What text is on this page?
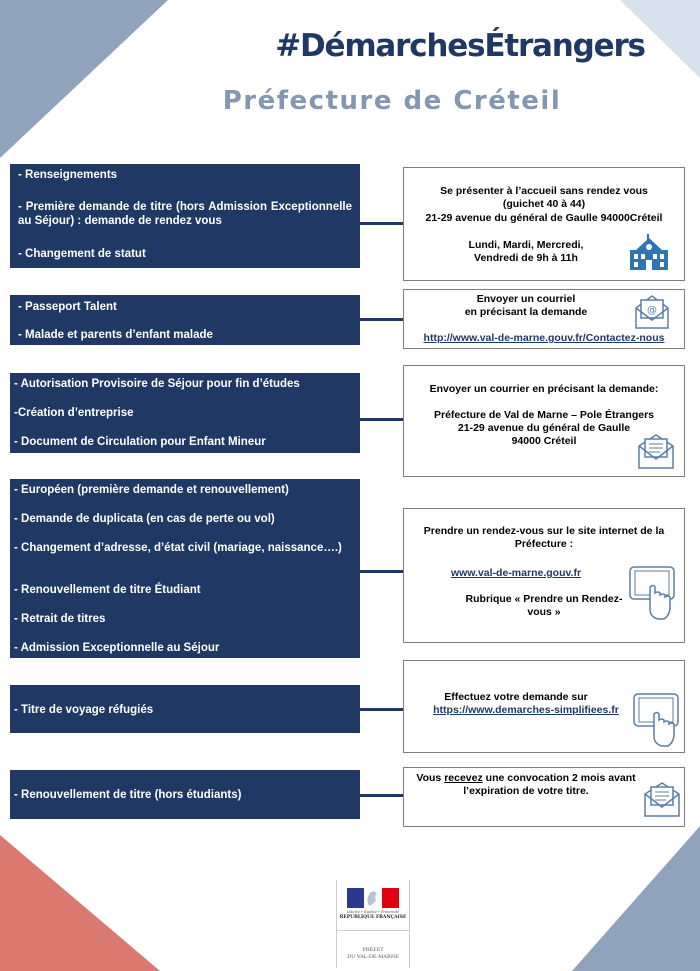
#DémarchesÉtrangers
Préfecture de Créteil
- Renseignements
- Première demande de titre (hors Admission Exceptionnelle au Séjour) : demande de rendez vous
- Changement de statut
Se présenter à l’accueil sans rendez vous
(guichet 40 à 44)
21-29 avenue du général de Gaulle 94000Créteil
Lundi, Mardi, Mercredi,
Vendredi de 9h à 11h
- Passeport Talent
- Malade et parents d’enfant malade
Envoyer un courriel
en précisant la demande
http://www.val-de-marne.gouv.fr/Contactez-nous
@
- Autorisation Provisoire de Séjour pour fin d’études
-Création d’entreprise
- Document de Circulation pour Enfant Mineur
Envoyer un courrier en précisant la demande:
Préfecture de Val de Marne – Pole Étrangers
21-29 avenue du général de Gaulle
94000 Créteil
- Européen (première demande et renouvellement)
- Demande de duplicata (en cas de perte ou vol)
- Changement d’adresse, d’état civil (mariage, naissance….)
- Renouvellement de titre Étudiant
- Retrait de titres
- Admission Exceptionnelle au Séjour
Prendre un rendez-vous sur le site internet de la Préfecture :
www.val-de-marne.gouv.fr
Rubrique « Prendre un Rendez-vous »
- Titre de voyage réfugiés
Effectuez votre demande sur
https://www.demarches-simplifiees.fr
- Renouvellement de titre (hors étudiants)
Vous recevez une convocation 2 mois avant
l’expiration de votre titre.
Liberté • Égalité • Fraternité
RÉPUBLIQUE FRANÇAISE
PRÉFET
DU VAL-DE-MARNE
